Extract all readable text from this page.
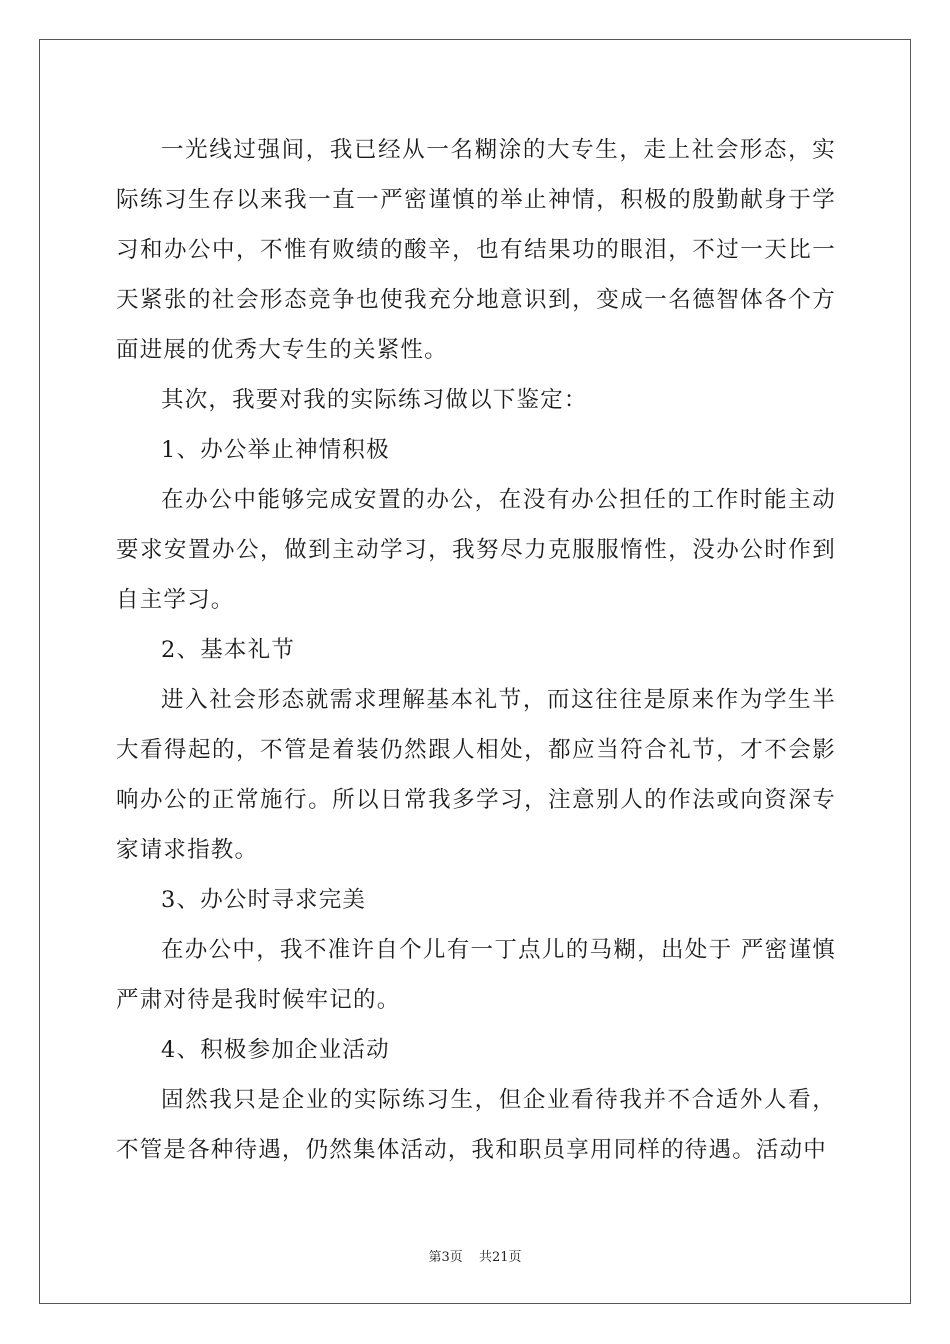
一光线过强间，我已经从一名糊涂的大专生，走上社会形态，实际练习生存以来我一直一严密谨慎的举止神情，积极的殷勤献身于学习和办公中，不惟有败绩的酸辛，也有结果功的眼泪，不过一天比一天紧张的社会形态竞争也使我充分地意识到，变成一名德智体各个方面进展的优秀大专生的关紧性。

其次，我要对我的实际练习做以下鉴定：

1、办公举止神情积极

在办公中能够完成安置的办公，在没有办公担任的工作时能主动要求安置办公，做到主动学习，我努尽力克服服惰性，没办公时作到自主学习。

2、基本礼节

进入社会形态就需求理解基本礼节，而这往往是原来作为学生半大看得起的，不管是着装仍然跟人相处，都应当符合礼节，才不会影响办公的正常施行。所以日常我多学习，注意别人的作法或向资深专家请求指教。

3、办公时寻求完美

在办公中，我不准许自个儿有一丁点儿的马糊，出处于 严密谨慎严肃对待是我时候牢记的。

4、积极参加企业活动

固然我只是企业的实际练习生，但企业看待我并不合适外人看，不管是各种待遇，仍然集体活动，我和职员享用同样的待遇。活动中

第3页 共21页
